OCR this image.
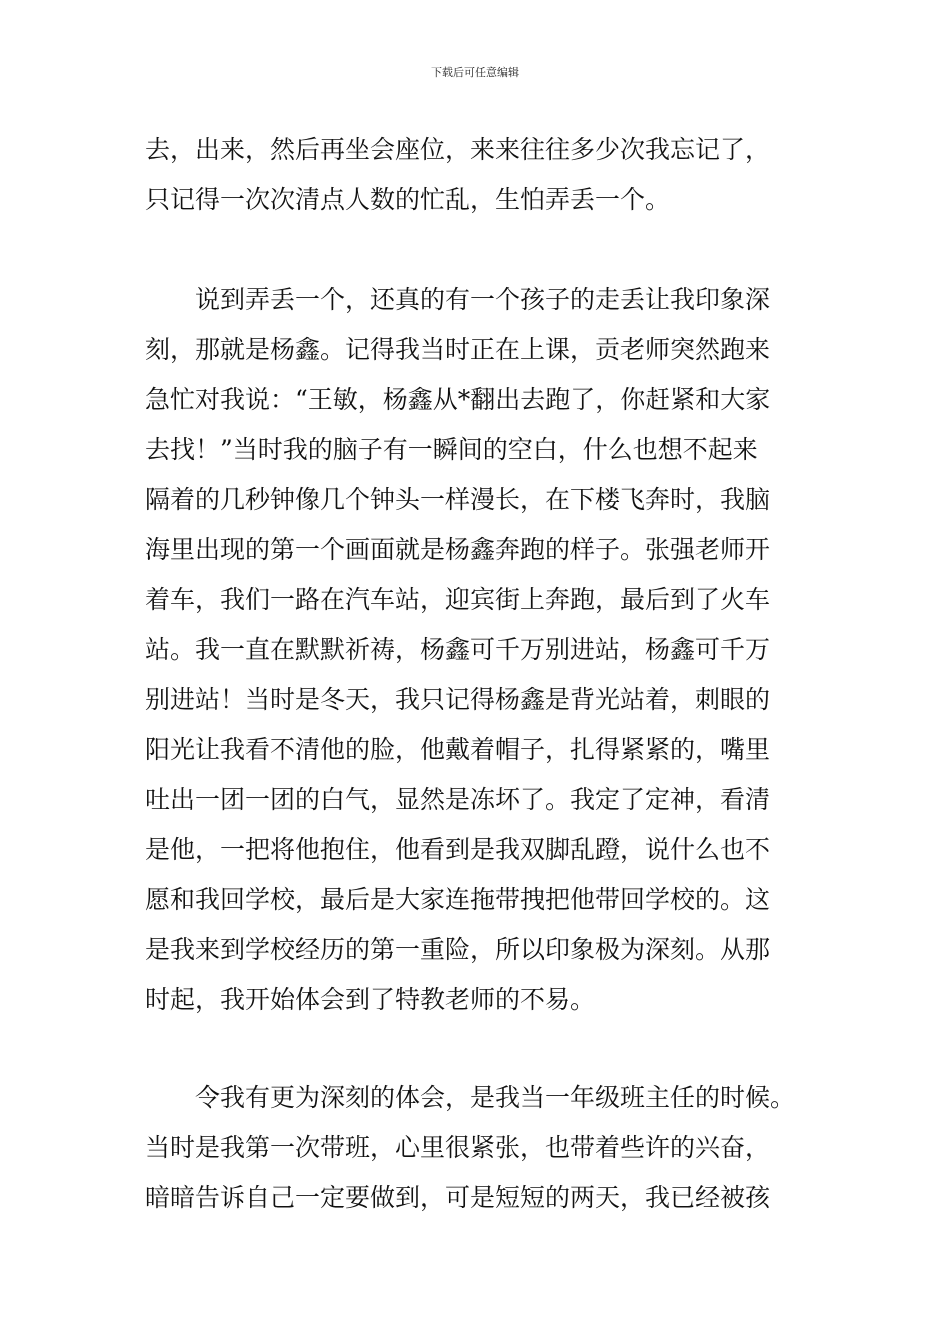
下载后可任意编辑
去，出来，然后再坐会座位，来来往往多少次我忘记了，
只记得一次次清点人数的忙乱，生怕弄丢一个。
　　说到弄丢一个，还真的有一个孩子的走丢让我印象深
刻，那就是杨鑫。记得我当时正在上课，贡老师突然跑来
急忙对我说：“王敏，杨鑫从*翻出去跑了，你赶紧和大家
去找！”当时我的脑子有一瞬间的空白，什么也想不起来
隔着的几秒钟像几个钟头一样漫长，在下楼飞奔时，我脑
海里出现的第一个画面就是杨鑫奔跑的样子。张强老师开
着车，我们一路在汽车站，迎宾街上奔跑，最后到了火车
站。我一直在默默祈祷，杨鑫可千万别进站，杨鑫可千万
别进站！当时是冬天，我只记得杨鑫是背光站着，刺眼的
阳光让我看不清他的脸，他戴着帽子，扎得紧紧的，嘴里
吐出一团一团的白气，显然是冻坏了。我定了定神，看清
是他，一把将他抱住，他看到是我双脚乱蹬，说什么也不
愿和我回学校，最后是大家连拖带拽把他带回学校的。这
是我来到学校经历的第一重险，所以印象极为深刻。从那
时起，我开始体会到了特教老师的不易。
　　令我有更为深刻的体会，是我当一年级班主任的时候。
当时是我第一次带班，心里很紧张，也带着些许的兴奋，
暗暗告诉自己一定要做到，可是短短的两天，我已经被孩
